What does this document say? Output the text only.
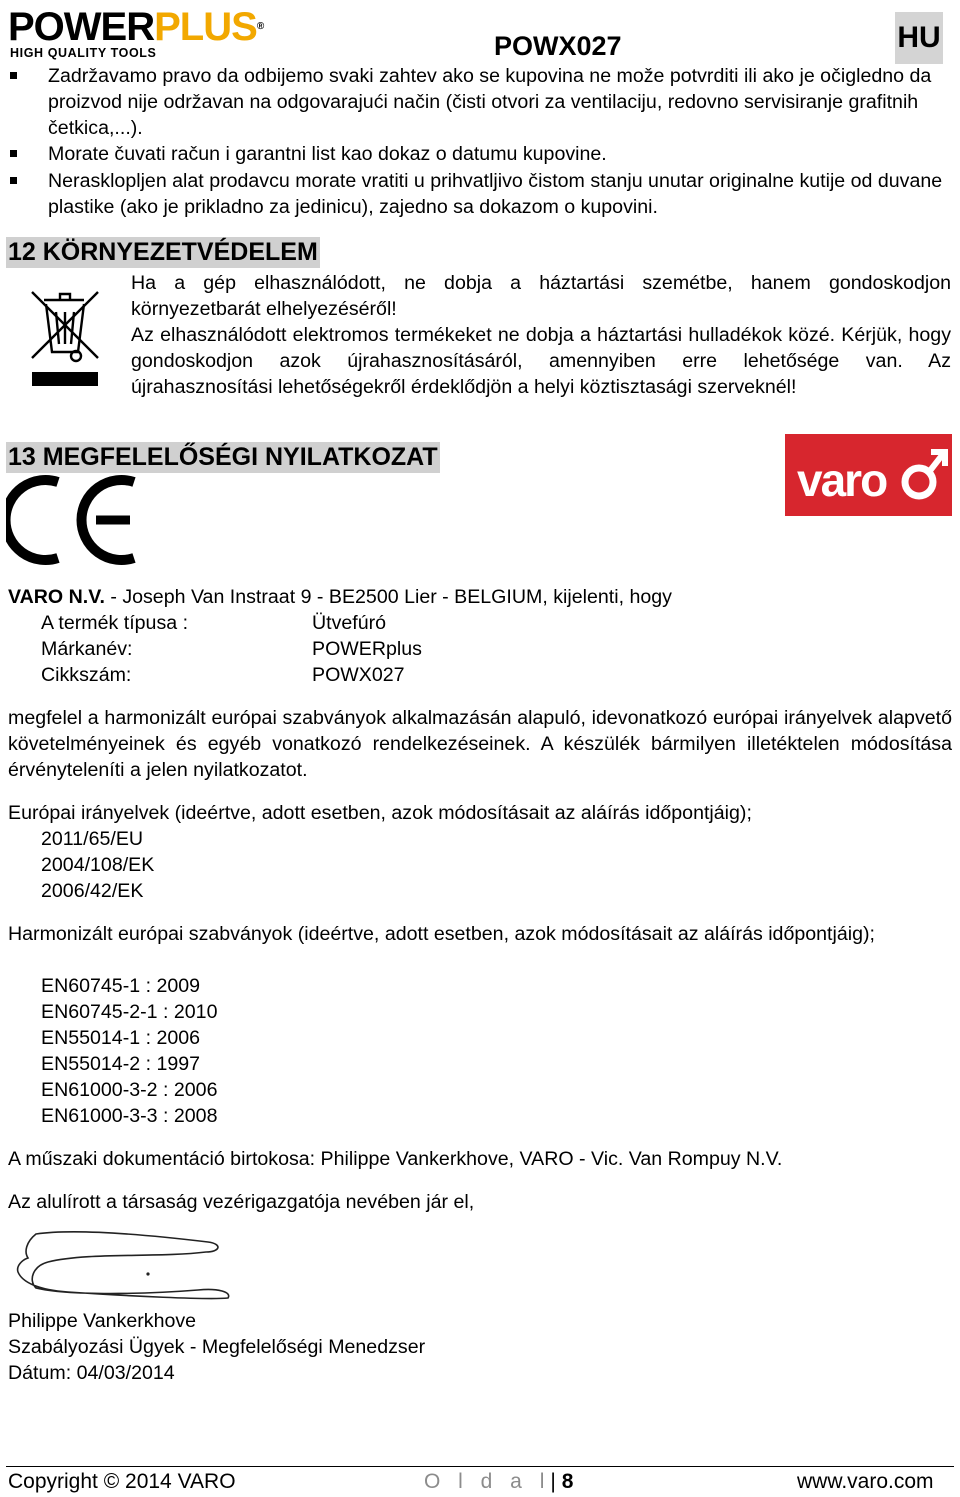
POWERPLUS®
HIGH QUALITY TOOLS	POWX027	HU
Zadržavamo pravo da odbijemo svaki zahtev ako se kupovina ne može potvrditi ili ako je očigledno da proizvod nije održavan na odgovarajući način (čisti otvori za ventilaciju, redovno servisiranje grafitnih četkica,...).
Morate čuvati račun i garantni list kao dokaz o datumu kupovine.
Nerasklopljen alat prodavcu morate vratiti u prihvatljivo čistom stanju unutar originalne kutije od duvane plastike (ako je prikladno za jedinicu), zajedno sa dokazom o kupovini.
12 KÖRNYEZETVÉDELEM

Ha a gép elhasználódott, ne dobja a háztartási szemétbe, hanem gondoskodjon környezetbarát elhelyezéséről!

Az elhasználódott elektromos termékeket ne dobja a háztartási hulladékok közé. Kérjük, hogy gondoskodjon azok újrahasznosításáról, amennyiben erre lehetősége van. Az újrahasznosítási lehetőségekről érdeklődjön a helyi köztisztasági szerveknél!

13 MEGFELELŐSÉGI NYILATKOZAT	varo
VARO N.V. - Joseph Van Instraat 9 - BE2500 Lier - BELGIUM, kijelenti, hogy
A termék típusa :	Ütvefúró
Márkanév:	POWERplus
Cikkszám:	POWX027
megfelel a harmonizált európai szabványok alkalmazásán alapuló, idevonatkozó európai irányelvek alapvető követelményeinek és egyéb vonatkozó rendelkezéseinek. A készülék bármilyen illetéktelen módosítása érvényteleníti a jelen nyilatkozatot.
Európai irányelvek (ideértve, adott esetben, azok módosításait az aláírás időpontjáig);
2011/65/EU
2004/108/EK
2006/42/EK
Harmonizált európai szabványok (ideértve, adott esetben, azok módosításait az aláírás időpontjáig);
EN60745-1 : 2009
EN60745-2-1 : 2010
EN55014-1 : 2006
EN55014-2 : 1997
EN61000-3-2 : 2006
EN61000-3-3 : 2008
A műszaki dokumentáció birtokosa: Philippe Vankerkhove, VARO - Vic. Van Rompuy N.V.
Az alulírott a társaság vezérigazgatója nevében jár el,
Philippe Vankerkhove
Szabályozási Ügyek - Megfelelőségi Menedzser
Dátum: 04/03/2014
Copyright © 2014 VARO	O l d a l| 8	www.varo.com
